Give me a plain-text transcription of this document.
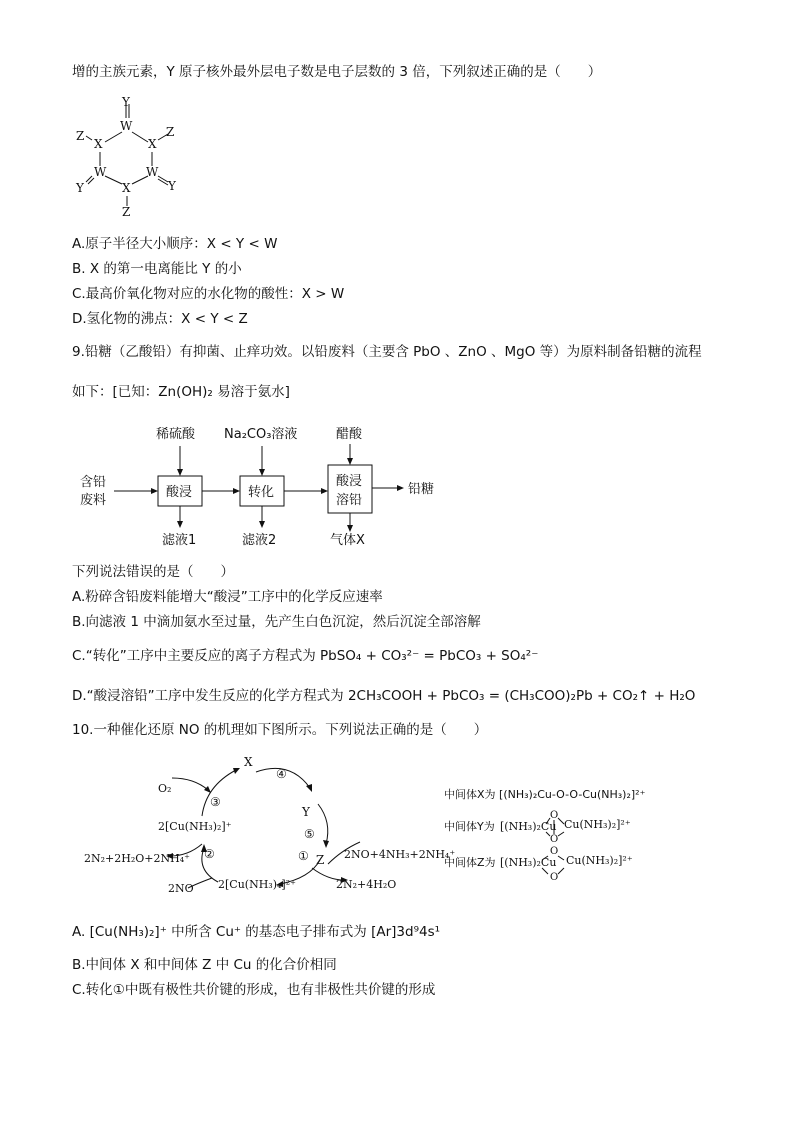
增的主族元素，Y 原子核外最外层电子数是电子层数的 3 倍，下列叙述正确的是（　　）
Y
W
X
Z
Z
X
W
Y	X
W
Y
Z
A.原子半径大小顺序：X < Y < W
B. X 的第一电离能比 Y 的小
C.最高价氧化物对应的水化物的酸性：X > W
D.氢化物的沸点：X < Y < Z
9.铅糖（乙酸铅）有抑菌、止痒功效。以铅废料（主要含 PbO 、ZnO 、MgO 等）为原料制备铅糖的流程
如下：[已知：Zn(OH)₂ 易溶于氨水]
含铅
废料
酸浸	转化
酸浸
溶铅
稀硫酸 Na₂CO₃溶液	醋酸
滤液1	滤液2	气体X
铅糖
下列说法错误的是（　　）
A.粉碎含铅废料能增大“酸浸”工序中的化学反应速率
B.向滤液 1 中滴加氨水至过量，先产生白色沉淀，然后沉淀全部溶解
C.“转化”工序中主要反应的离子方程式为 PbSO₄ + CO₃²⁻ = PbCO₃ + SO₄²⁻
D.“酸浸溶铅”工序中发生反应的化学方程式为 2CH₃COOH + PbCO₃ = (CH₃COO)₂Pb + CO₂↑ + H₂O
10.一种催化还原 NO 的机理如下图所示。下列说法正确的是（　　）
X
Y
Z
④
⑤
①
②
③
O₂
2[Cu(NH₃)₂]⁺
2[Cu(NH₃)₄]²⁺
2NO+4NH₃+2NH₄⁺
2N₂+4H₂O
2N₂+2H₂O+2NH₄⁺
2NO
中间体X为 [(NH₃)₂Cu-O-O-Cu(NH₃)₂]²⁺
中间体Y为 [(NH₃)₂Cu Cu(NH₃)₂]²⁺
O
O
中间体Z为 [(NH₃)₂Cu Cu(NH₃)₂]²⁺
O
O
A. [Cu(NH₃)₂]⁺ 中所含 Cu⁺ 的基态电子排布式为 [Ar]3d⁹4s¹
B.中间体 X 和中间体 Z 中 Cu 的化合价相同
C.转化①中既有极性共价键的形成，也有非极性共价键的形成
